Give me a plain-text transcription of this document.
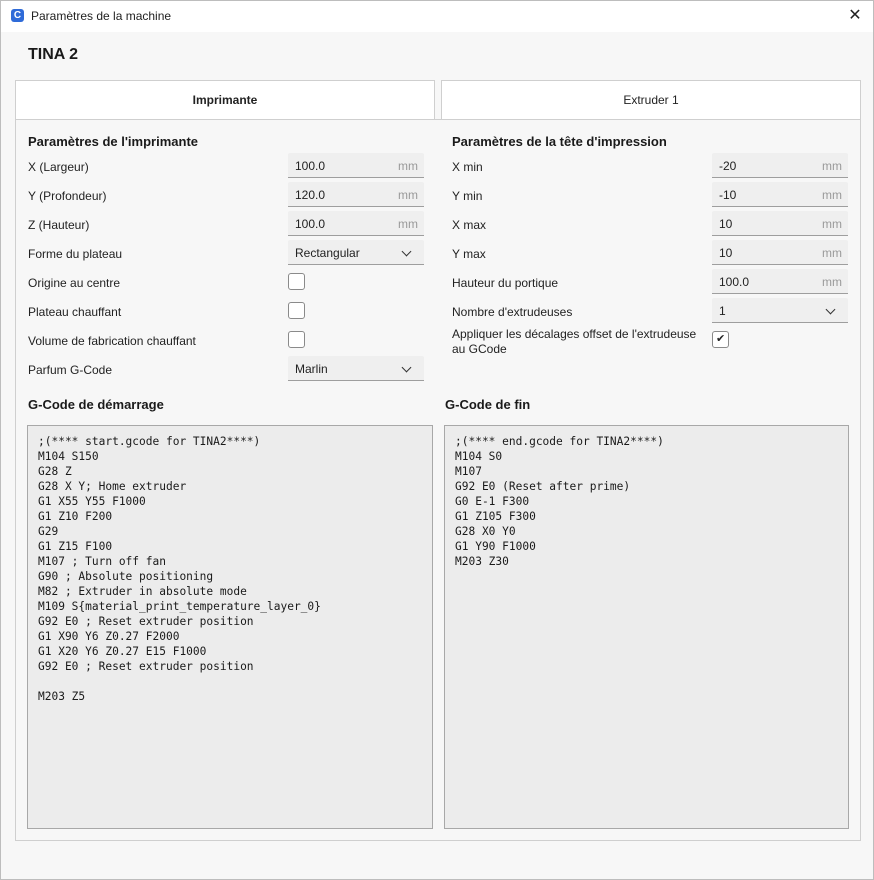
C Paramètres de la machine	✕
TINA 2
Imprimante	Extruder 1
Paramètres de l'imprimante
X (Largeur)	100.0	mm
Y (Profondeur)	120.0	mm
Z (Hauteur)	100.0	mm
Forme du plateau	Rectangular
Origine au centre
Plateau chauffant
Volume de fabrication chauffant
Parfum G-Code	Marlin
Paramètres de la tête d'impression
X min	-20	mm
Y min	-10	mm
X max	10	mm
Y max	10	mm
Hauteur du portique	100.0	mm
Nombre d'extrudeuses	1
Appliquer les décalages offset de l'extrudeuse
au GCode
✔
G-Code de démarrage
;(**** start.gcode for TINA2****)
M104 S150
G28 Z
G28 X Y; Home extruder
G1 X55 Y55 F1000
G1 Z10 F200
G29
G1 Z15 F100
M107 ; Turn off fan
G90 ; Absolute positioning
M82 ; Extruder in absolute mode
M109 S{material_print_temperature_layer_0}
G92 E0 ; Reset extruder position
G1 X90 Y6 Z0.27 F2000
G1 X20 Y6 Z0.27 E15 F1000
G92 E0 ; Reset extruder position
M203 Z5
G-Code de fin
;(**** end.gcode for TINA2****)
M104 S0
M107
G92 E0 (Reset after prime)
G0 E-1 F300
G1 Z105 F300
G28 X0 Y0
G1 Y90 F1000
M203 Z30
